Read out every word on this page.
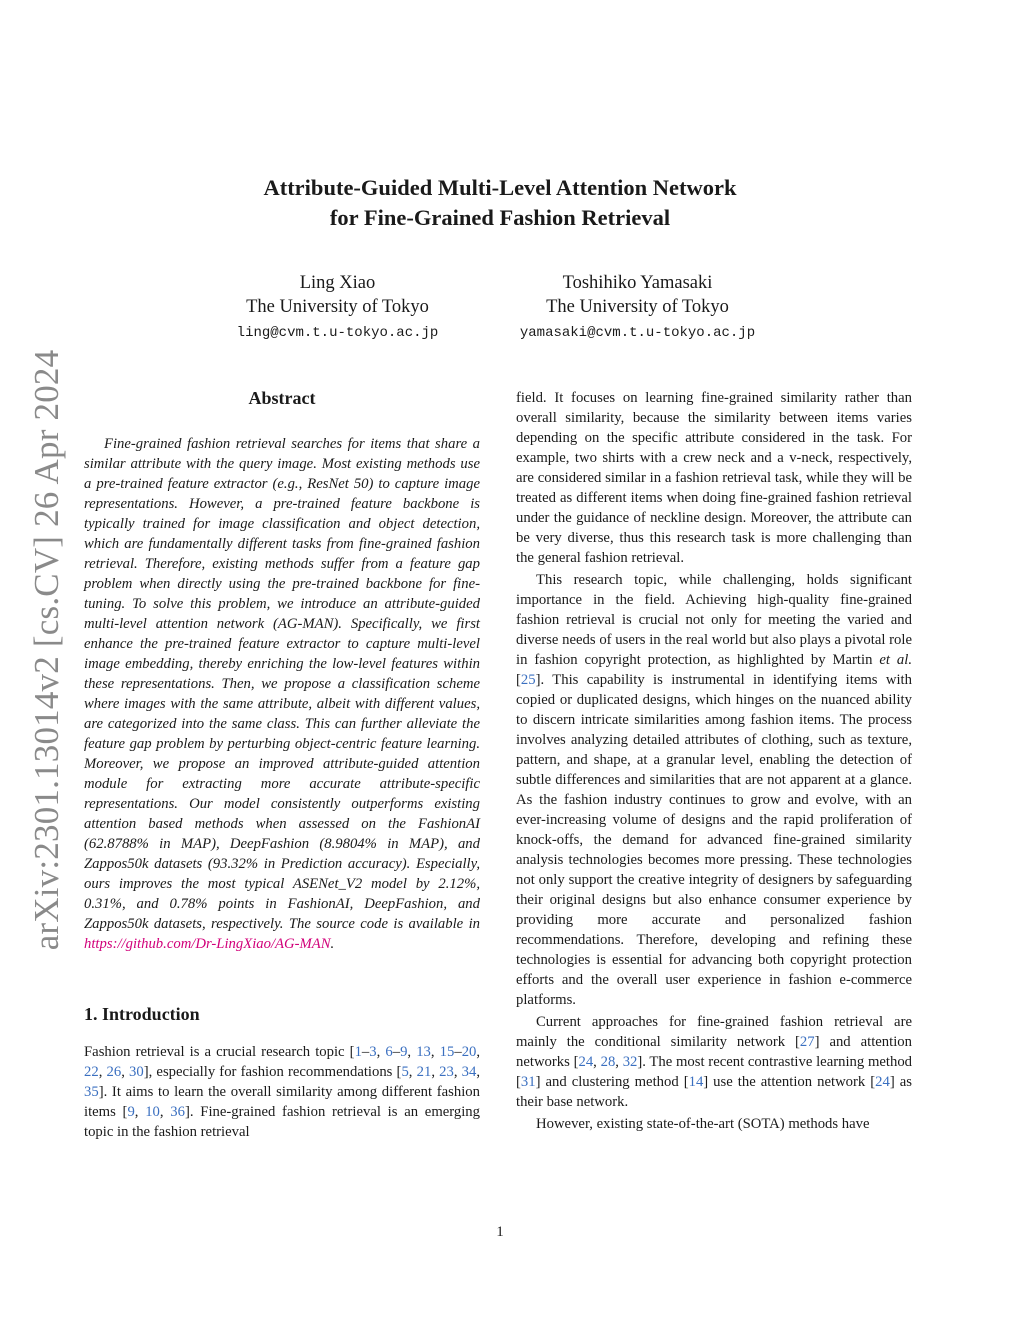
arXiv:2301.13014v2 [cs.CV] 26 Apr 2024
Attribute-Guided Multi-Level Attention Network
for Fine-Grained Fashion Retrieval
Ling Xiao
The University of Tokyo
ling@cvm.t.u-tokyo.ac.jp
Toshihiko Yamasaki
The University of Tokyo
yamasaki@cvm.t.u-tokyo.ac.jp
Abstract

Fine-grained fashion retrieval searches for items that share a similar attribute with the query image. Most existing methods use a pre-trained feature extractor (e.g., ResNet 50) to capture image representations. However, a pre-trained feature backbone is typically trained for image classification and object detection, which are fundamentally different tasks from fine-grained fashion retrieval. Therefore, existing methods suffer from a feature gap problem when directly using the pre-trained backbone for fine-tuning. To solve this problem, we introduce an attribute-guided multi-level attention network (AG-MAN). Specifically, we first enhance the pre-trained feature extractor to capture multi-level image embedding, thereby enriching the low-level features within these representations. Then, we propose a classification scheme where images with the same attribute, albeit with different values, are categorized into the same class. This can further alleviate the feature gap problem by perturbing object-centric feature learning. Moreover, we propose an improved attribute-guided attention module for extracting more accurate attribute-specific representations. Our model consistently outperforms existing attention based methods when assessed on the FashionAI (62.8788% in MAP), DeepFashion (8.9804% in MAP), and Zappos50k datasets (93.32% in Prediction accuracy). Especially, ours improves the most typical ASENet_V2 model by 2.12%, 0.31%, and 0.78% points in FashionAI, DeepFashion, and Zappos50k datasets, respectively. The source code is available in https://github.com/Dr-LingXiao/AG-MAN.

1. Introduction

Fashion retrieval is a crucial research topic [1–3, 6–9, 13, 15–20, 22, 26, 30], especially for fashion recommendations [5, 21, 23, 34, 35]. It aims to learn the overall similarity among different fashion items [9, 10, 36]. Fine-grained fashion retrieval is an emerging topic in the fashion retrieval

field. It focuses on learning fine-grained similarity rather than overall similarity, because the similarity between items varies depending on the specific attribute considered in the task. For example, two shirts with a crew neck and a v-neck, respectively, are considered similar in a fashion retrieval task, while they will be treated as different items when doing fine-grained fashion retrieval under the guidance of neckline design. Moreover, the attribute can be very diverse, thus this research task is more challenging than the general fashion retrieval.

This research topic, while challenging, holds significant importance in the field. Achieving high-quality fine-grained fashion retrieval is crucial not only for meeting the varied and diverse needs of users in the real world but also plays a pivotal role in fashion copyright protection, as highlighted by Martin et al. [25]. This capability is instrumental in identifying items with copied or duplicated designs, which hinges on the nuanced ability to discern intricate similarities among fashion items. The process involves analyzing detailed attributes of clothing, such as texture, pattern, and shape, at a granular level, enabling the detection of subtle differences and similarities that are not apparent at a glance. As the fashion industry continues to grow and evolve, with an ever-increasing volume of designs and the rapid proliferation of knock-offs, the demand for advanced fine-grained similarity analysis technologies becomes more pressing. These technologies not only support the creative integrity of designers by safeguarding their original designs but also enhance consumer experience by providing more accurate and personalized fashion recommendations. Therefore, developing and refining these technologies is essential for advancing both copyright protection efforts and the overall user experience in fashion e-commerce platforms.

Current approaches for fine-grained fashion retrieval are mainly the conditional similarity network [27] and attention networks [24, 28, 32]. The most recent contrastive learning method [31] and clustering method [14] use the attention network [24] as their base network.

However, existing state-of-the-art (SOTA) methods have

1
